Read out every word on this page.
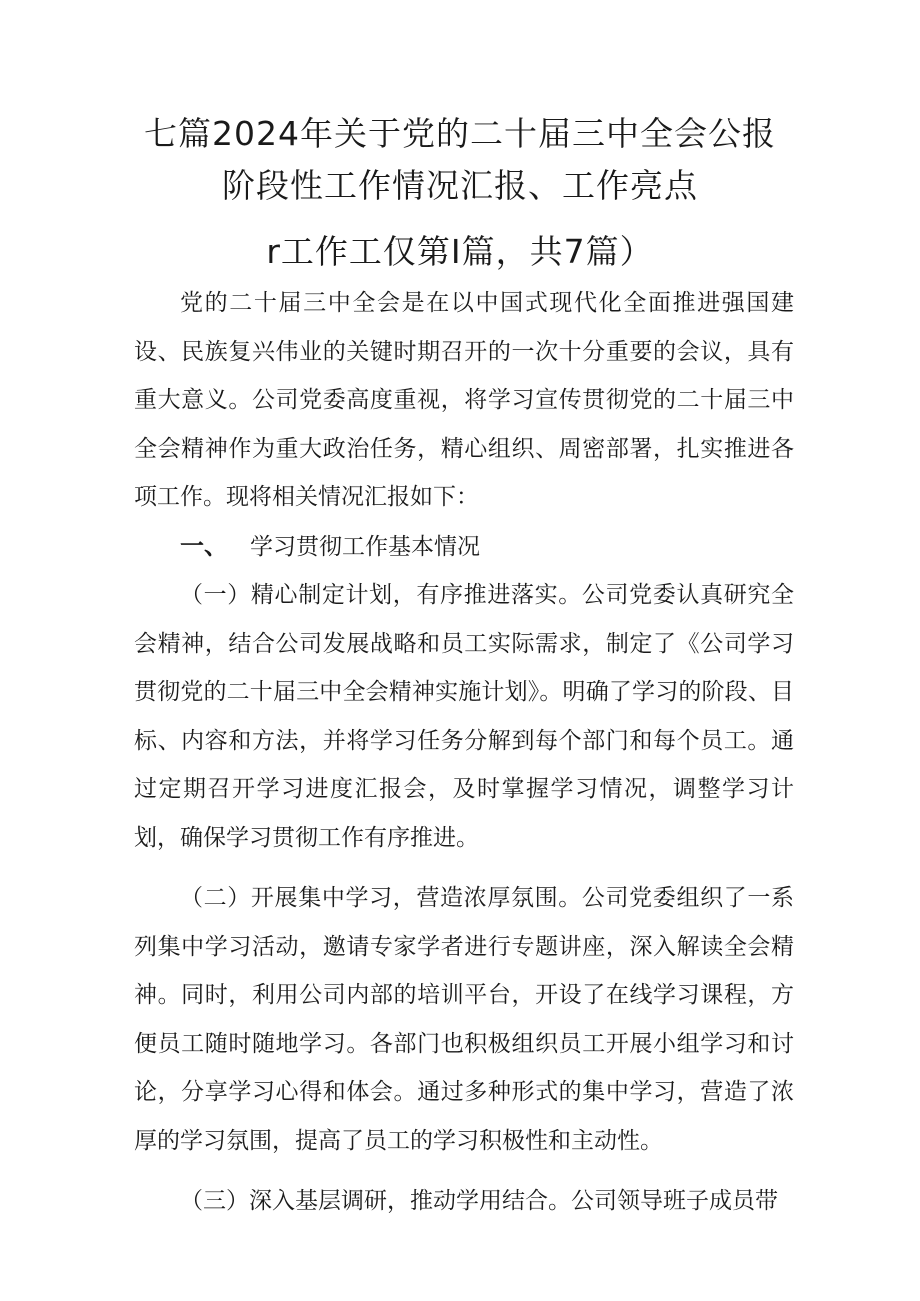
七篇2024年关于党的二十届三中全会公报
阶段性工作情况汇报、工作亮点
r工作工仅第I篇，共7篇）

党的二十届三中全会是在以中国式现代化全面推进强国建设、民族复兴伟业的关键时期召开的一次十分重要的会议，具有重大意义。公司党委高度重视，将学习宣传贯彻党的二十届三中全会精神作为重大政治任务，精心组织、周密部署，扎实推进各项工作。现将相关情况汇报如下：

一、 学习贯彻工作基本情况

（一）精心制定计划，有序推进落实。公司党委认真研究全会精神，结合公司发展战略和员工实际需求，制定了《公司学习贯彻党的二十届三中全会精神实施计划》。明确了学习的阶段、目标、内容和方法，并将学习任务分解到每个部门和每个员工。通过定期召开学习进度汇报会，及时掌握学习情况，调整学习计划，确保学习贯彻工作有序推进。

（二）开展集中学习，营造浓厚氛围。公司党委组织了一系列集中学习活动，邀请专家学者进行专题讲座，深入解读全会精神。同时，利用公司内部的培训平台，开设了在线学习课程，方便员工随时随地学习。各部门也积极组织员工开展小组学习和讨论，分享学习心得和体会。通过多种形式的集中学习，营造了浓厚的学习氛围，提高了员工的学习积极性和主动性。

（三）深入基层调研，推动学用结合。公司领导班子成员带
